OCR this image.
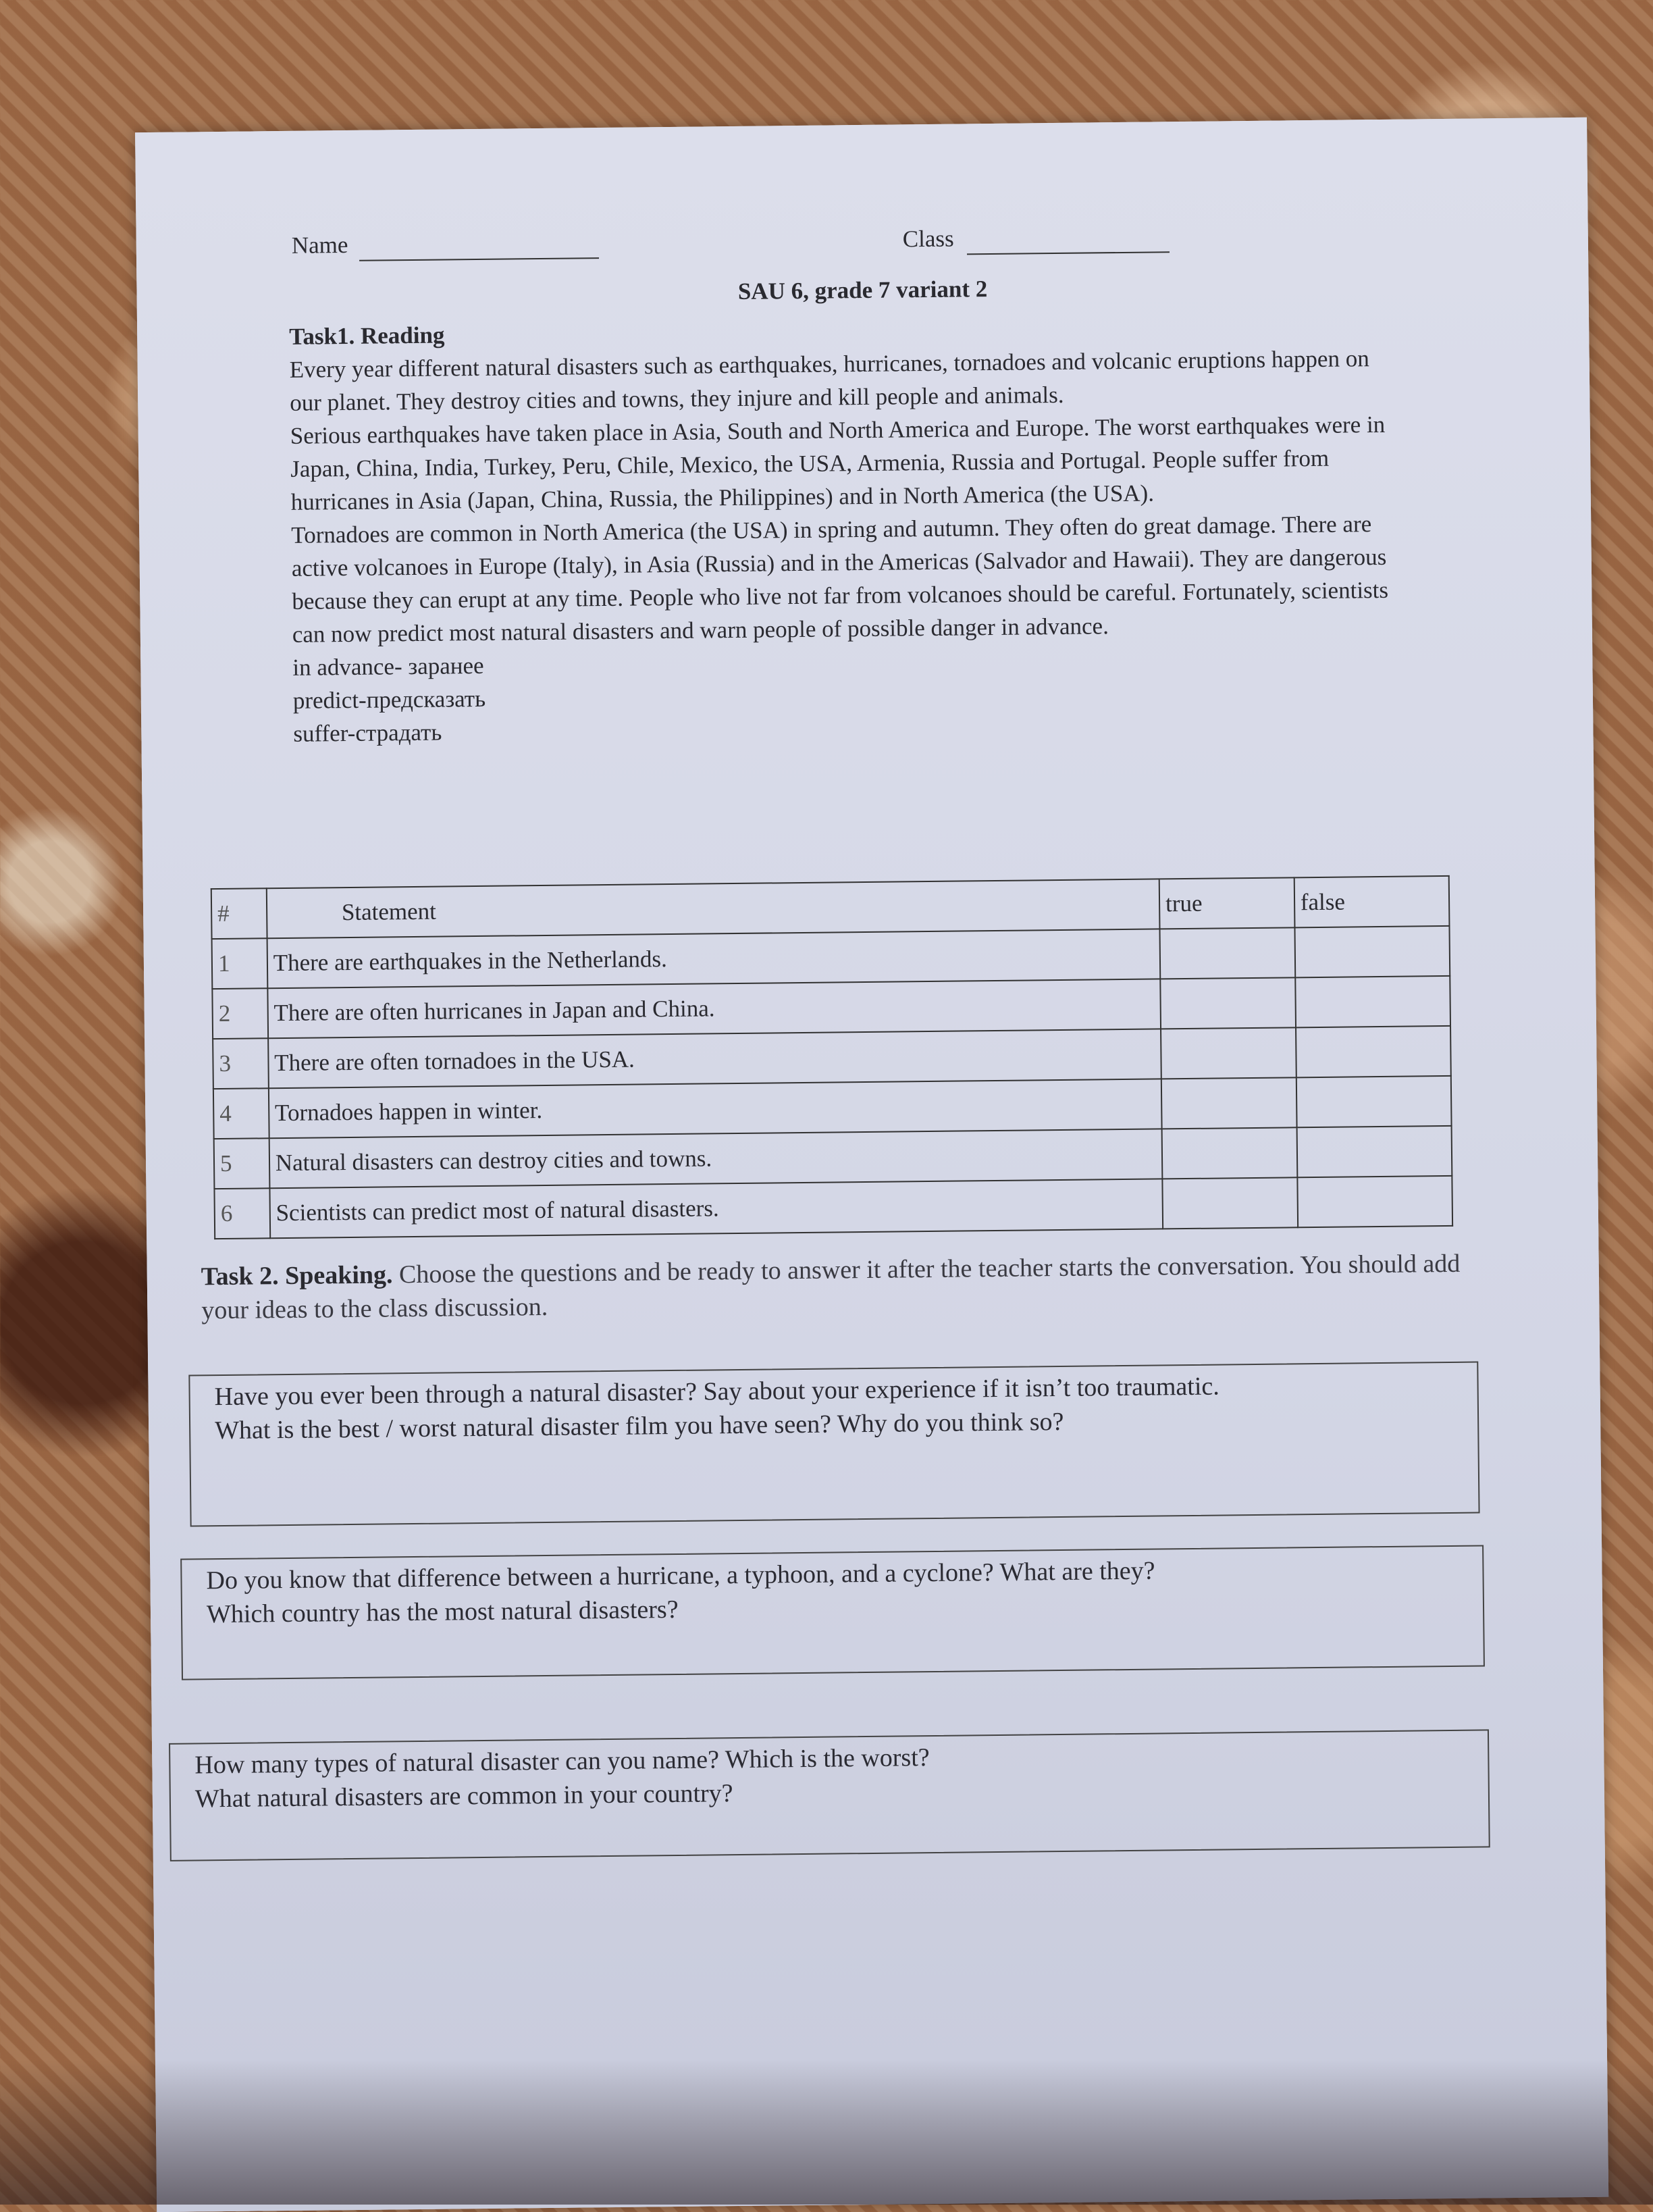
Name	Class
SAU 6, grade 7 variant 2
Task1. Reading

Every year different natural disasters such as earthquakes, hurricanes, tornadoes and volcanic eruptions happen on our planet. They destroy cities and towns, they injure and kill people and animals.

Serious earthquakes have taken place in Asia, South and North America and Europe. The worst earthquakes were in Japan, China, India, Turkey, Peru, Chile, Mexico, the USA, Armenia, Russia and Portugal. People suffer from hurricanes in Asia (Japan, China, Russia, the Philippines) and in North America (the USA).

Tornadoes are common in North America (the USA) in spring and autumn. They often do great damage. There are active volcanoes in Europe (Italy), in Asia (Russia) and in the Americas (Salvador and Hawaii). They are dangerous because they can erupt at any time. People who live not far from volcanoes should be careful. Fortunately, scientists can now predict most natural disasters and warn people of possible danger in advance.

in advance- заранее
predict-предсказать
suffer-страдать
#	Statement	true	false
1	There are earthquakes in the Netherlands.		
2	There are often hurricanes in Japan and China.		
3	There are often tornadoes in the USA.		
4	Tornadoes happen in winter.		
5	Natural disasters can destroy cities and towns.		
6	Scientists can predict most of natural disasters.		
Task 2. Speaking. Choose the questions and be ready to answer it after the teacher starts the conversation. You should add your ideas to the class discussion.

Have you ever been through a natural disaster? Say about your experience if it isn’t too traumatic.

What is the best / worst natural disaster film you have seen? Why do you think so?

Do you know that difference between a hurricane, a typhoon, and a cyclone? What are they?

Which country has the most natural disasters?

How many types of natural disaster can you name? Which is the worst?

What natural disasters are common in your country?
